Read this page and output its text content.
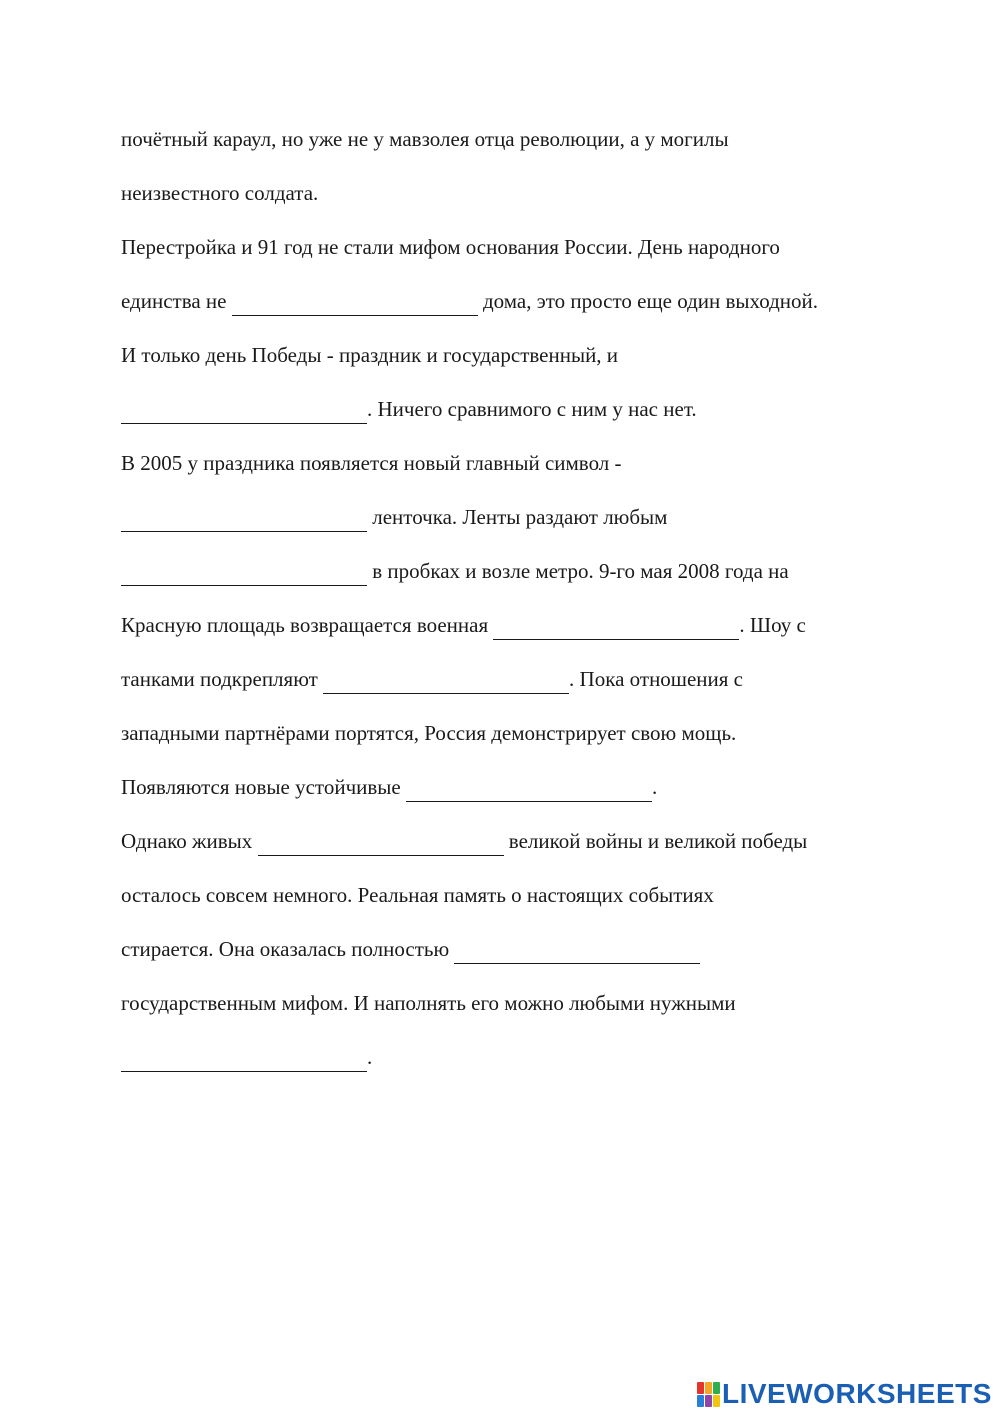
почётный караул, но уже не у мавзолея отца революции, а у могилы
неизвестного солдата.
Перестройка и 91 год не стали мифом основания России. День народного
единства не	дома, это просто еще один выходной.
И только день Победы - праздник и государственный, и
. Ничего сравнимого с ним у нас нет.
В 2005 у праздника появляется новый главный символ -
ленточка. Ленты раздают любым
в пробках и возле метро. 9-го мая 2008 года на
Красную площадь возвращается военная	. Шоу с
танками подкрепляют	. Пока отношения с
западными партнёрами портятся, Россия демонстрирует свою мощь.
Появляются новые устойчивые	.
Однако живых	великой войны и великой победы
осталось совсем немного. Реальная память о настоящих событиях
стирается. Она оказалась полностью
государственным мифом. И наполнять его можно любыми нужными
.
LIVEWORKSHEETS
